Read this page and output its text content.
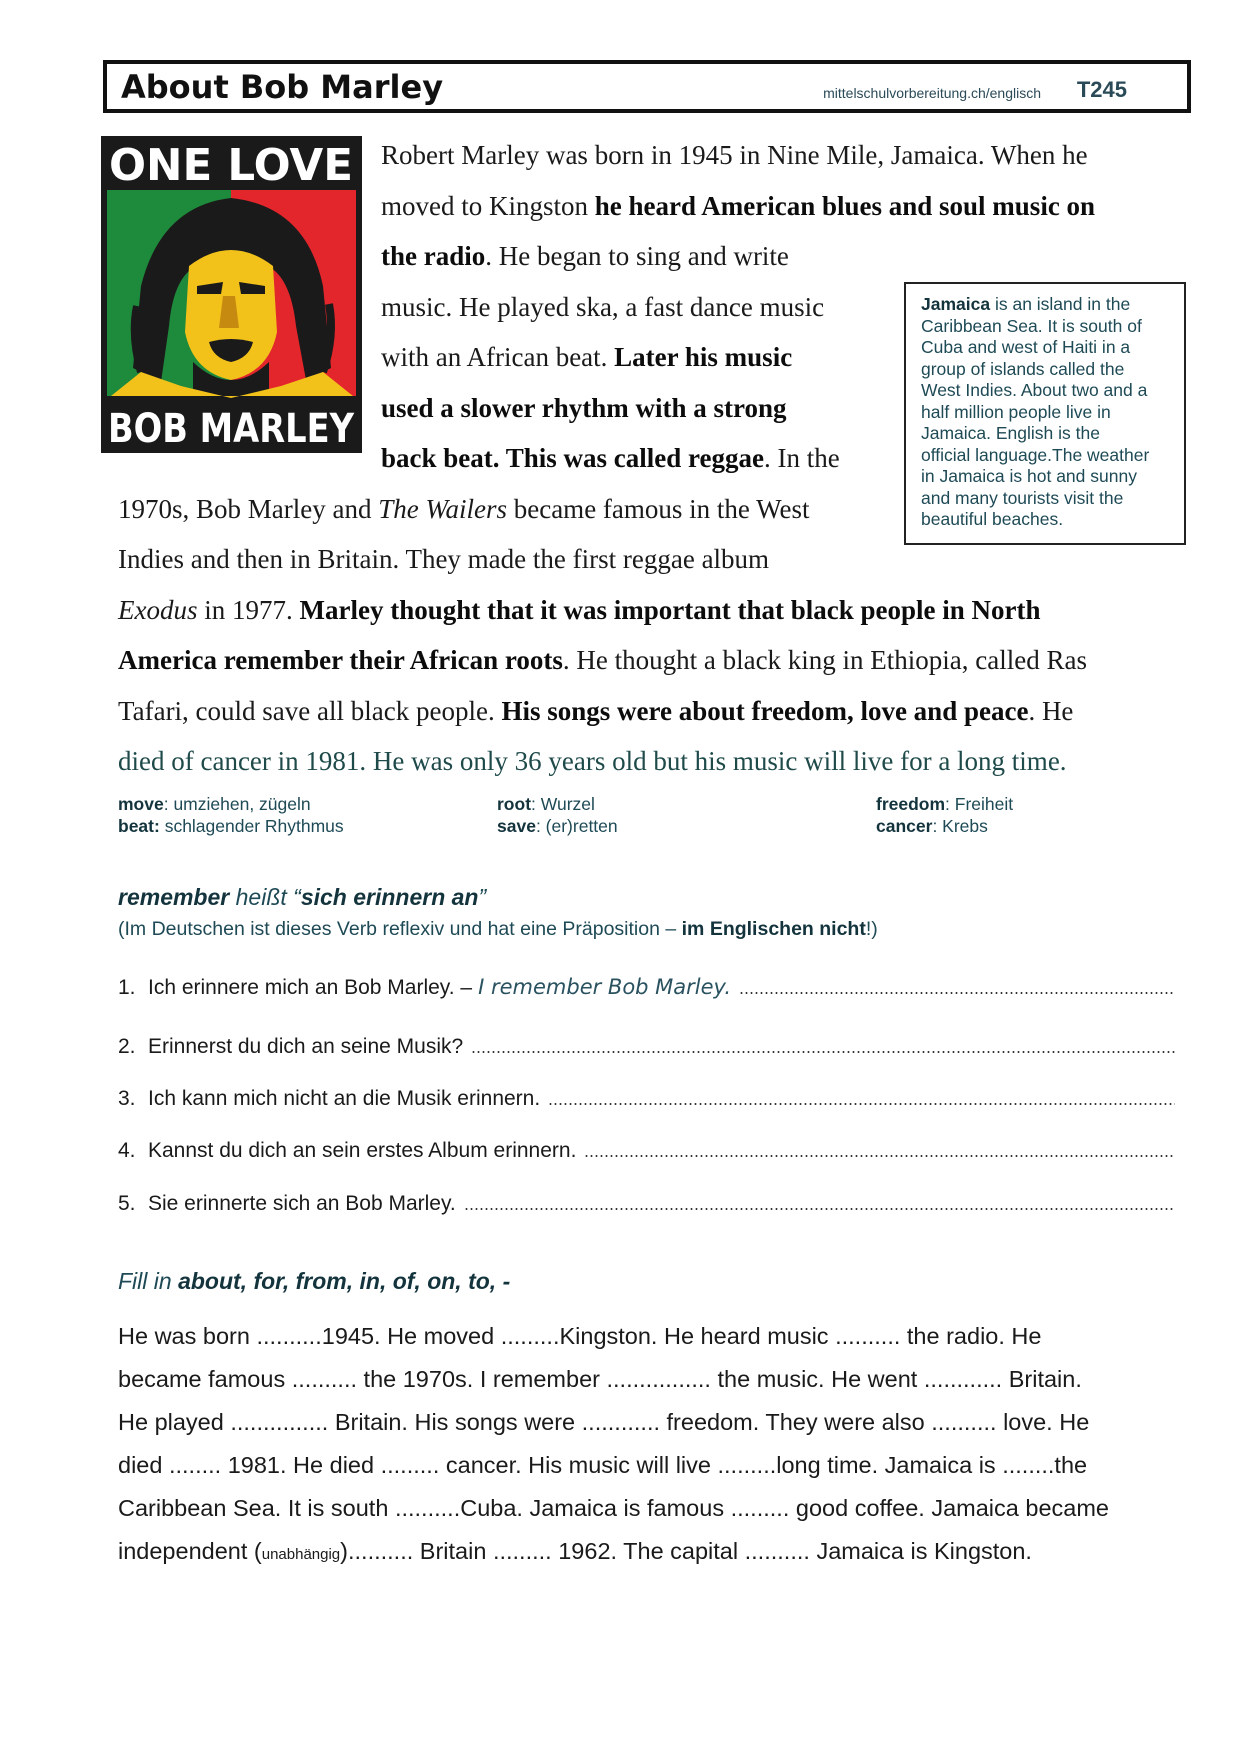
About Bob Marley	mittelschulvorbereitung.ch/englisch T245
ONE LOVE
BOB MARLEY
Robert Marley was born in 1945 in Nine Mile, Jamaica. When he
moved to Kingston he heard American blues and soul music on
the radio. He began to sing and write
music. He played ska, a fast dance music
with an African beat. Later his music
used a slower rhythm with a strong
back beat. This was called reggae. In the
1970s, Bob Marley and The Wailers became famous in the West
Indies and then in Britain. They made the first reggae album
Exodus in 1977. Marley thought that it was important that black people in North
America remember their African roots. He thought a black king in Ethiopia, called Ras
Tafari, could save all black people. His songs were about freedom, love and peace. He
died of cancer in 1981. He was only 36 years old but his music will live for a long time.
Jamaica is an island in the
Caribbean Sea. It is south of
Cuba and west of Haiti in a
group of islands called the
West Indies. About two and a
half million people live in
Jamaica. English is the
official language.The weather
in Jamaica is hot and sunny
and many tourists visit the
beautiful beaches.
move: umziehen, zügeln
beat: schlagender Rhythmus
root: Wurzel
save: (er)retten
freedom: Freiheit
cancer: Krebs
remember heißt “sich erinnern an”
(Im Deutschen ist dieses Verb reflexiv und hat eine Präposition – im Englischen nicht!)
1. Ich erinnere mich an Bob Marley. – I remember Bob Marley.
2. Erinnerst du dich an seine Musik?
3. Ich kann mich nicht an die Musik erinnern.
4. Kannst du dich an sein erstes Album erinnern.
5. Sie erinnerte sich an Bob Marley.
Fill in about, for, from, in, of, on, to, -
He was born ..........1945. He moved .........Kingston. He heard music .......... the radio. He
became famous .......... the 1970s. I remember ................ the music. He went ............ Britain.
He played ............... Britain. His songs were ............ freedom. They were also .......... love. He
died ........ 1981. He died ......... cancer. His music will live .........long time. Jamaica is ........the
Caribbean Sea. It is south ..........Cuba. Jamaica is famous ......... good coffee. Jamaica became
independent (unabhängig).......... Britain ......... 1962. The capital .......... Jamaica is Kingston.
